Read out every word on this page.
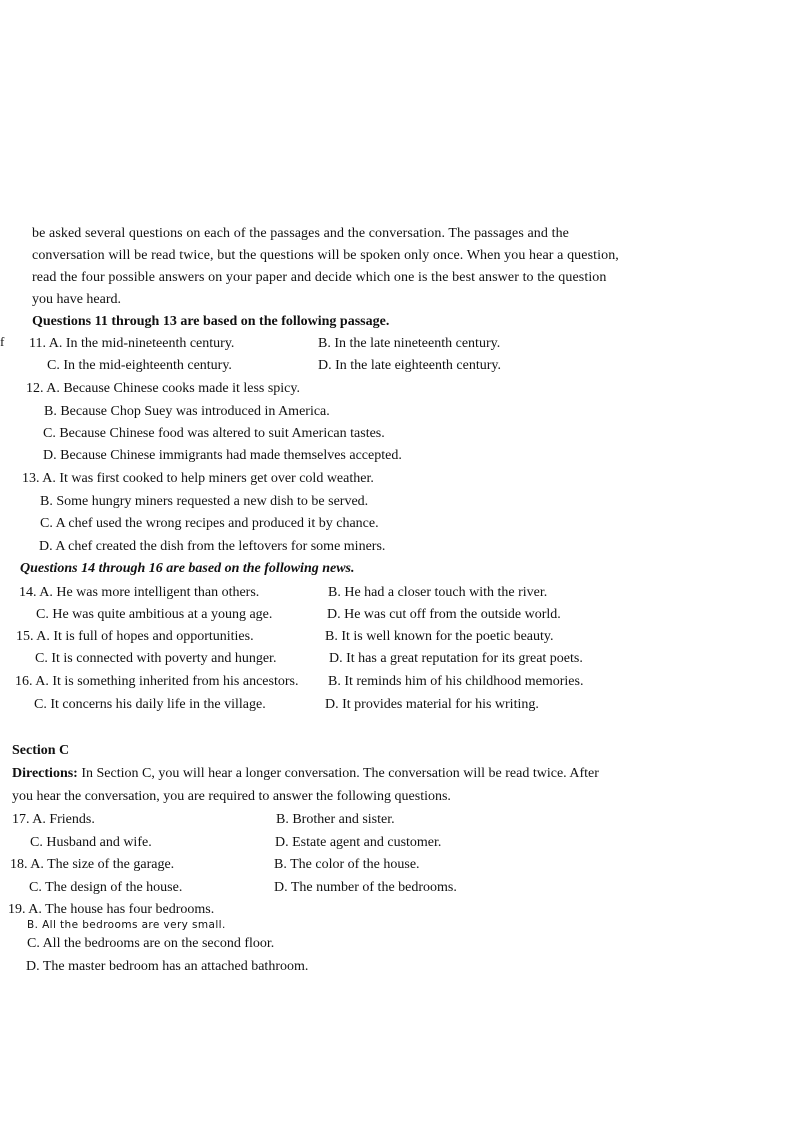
be asked several questions on each of the passages and the conversation. The passages and the
conversation will be read twice, but the questions will be spoken only once. When you hear a question,
read the four possible answers on your paper and decide which one is the best answer to the question
you have heard.
Questions 11 through 13 are based on the following passage.
f 11. A. In the mid-nineteenth century.	B. In the late nineteenth century.
C. In the mid-eighteenth century.	D. In the late eighteenth century.
12. A. Because Chinese cooks made it less spicy.
B. Because Chop Suey was introduced in America.
C. Because Chinese food was altered to suit American tastes.
D. Because Chinese immigrants had made themselves accepted.
13. A. It was first cooked to help miners get over cold weather.
B. Some hungry miners requested a new dish to be served.
C. A chef used the wrong recipes and produced it by chance.
D. A chef created the dish from the leftovers for some miners.
Questions 14 through 16 are based on the following news.
14. A. He was more intelligent than others.	B. He had a closer touch with the river.
C. He was quite ambitious at a young age.	D. He was cut off from the outside world.
15. A. It is full of hopes and opportunities.	B. It is well known for the poetic beauty.
C. It is connected with poverty and hunger.	D. It has a great reputation for its great poets.
16. A. It is something inherited from his ancestors. B. It reminds him of his childhood memories.
C. It concerns his daily life in the village.	D. It provides material for his writing.
Section C
Directions: In Section C, you will hear a longer conversation. The conversation will be read twice. After
you hear the conversation, you are required to answer the following questions.
17. A. Friends.	B. Brother and sister.
C. Husband and wife.	D. Estate agent and customer.
18. A. The size of the garage.	B. The color of the house.
C. The design of the house.	D. The number of the bedrooms.
19. A. The house has four bedrooms.
B. All the bedrooms are very small.
C. All the bedrooms are on the second floor.
D. The master bedroom has an attached bathroom.
